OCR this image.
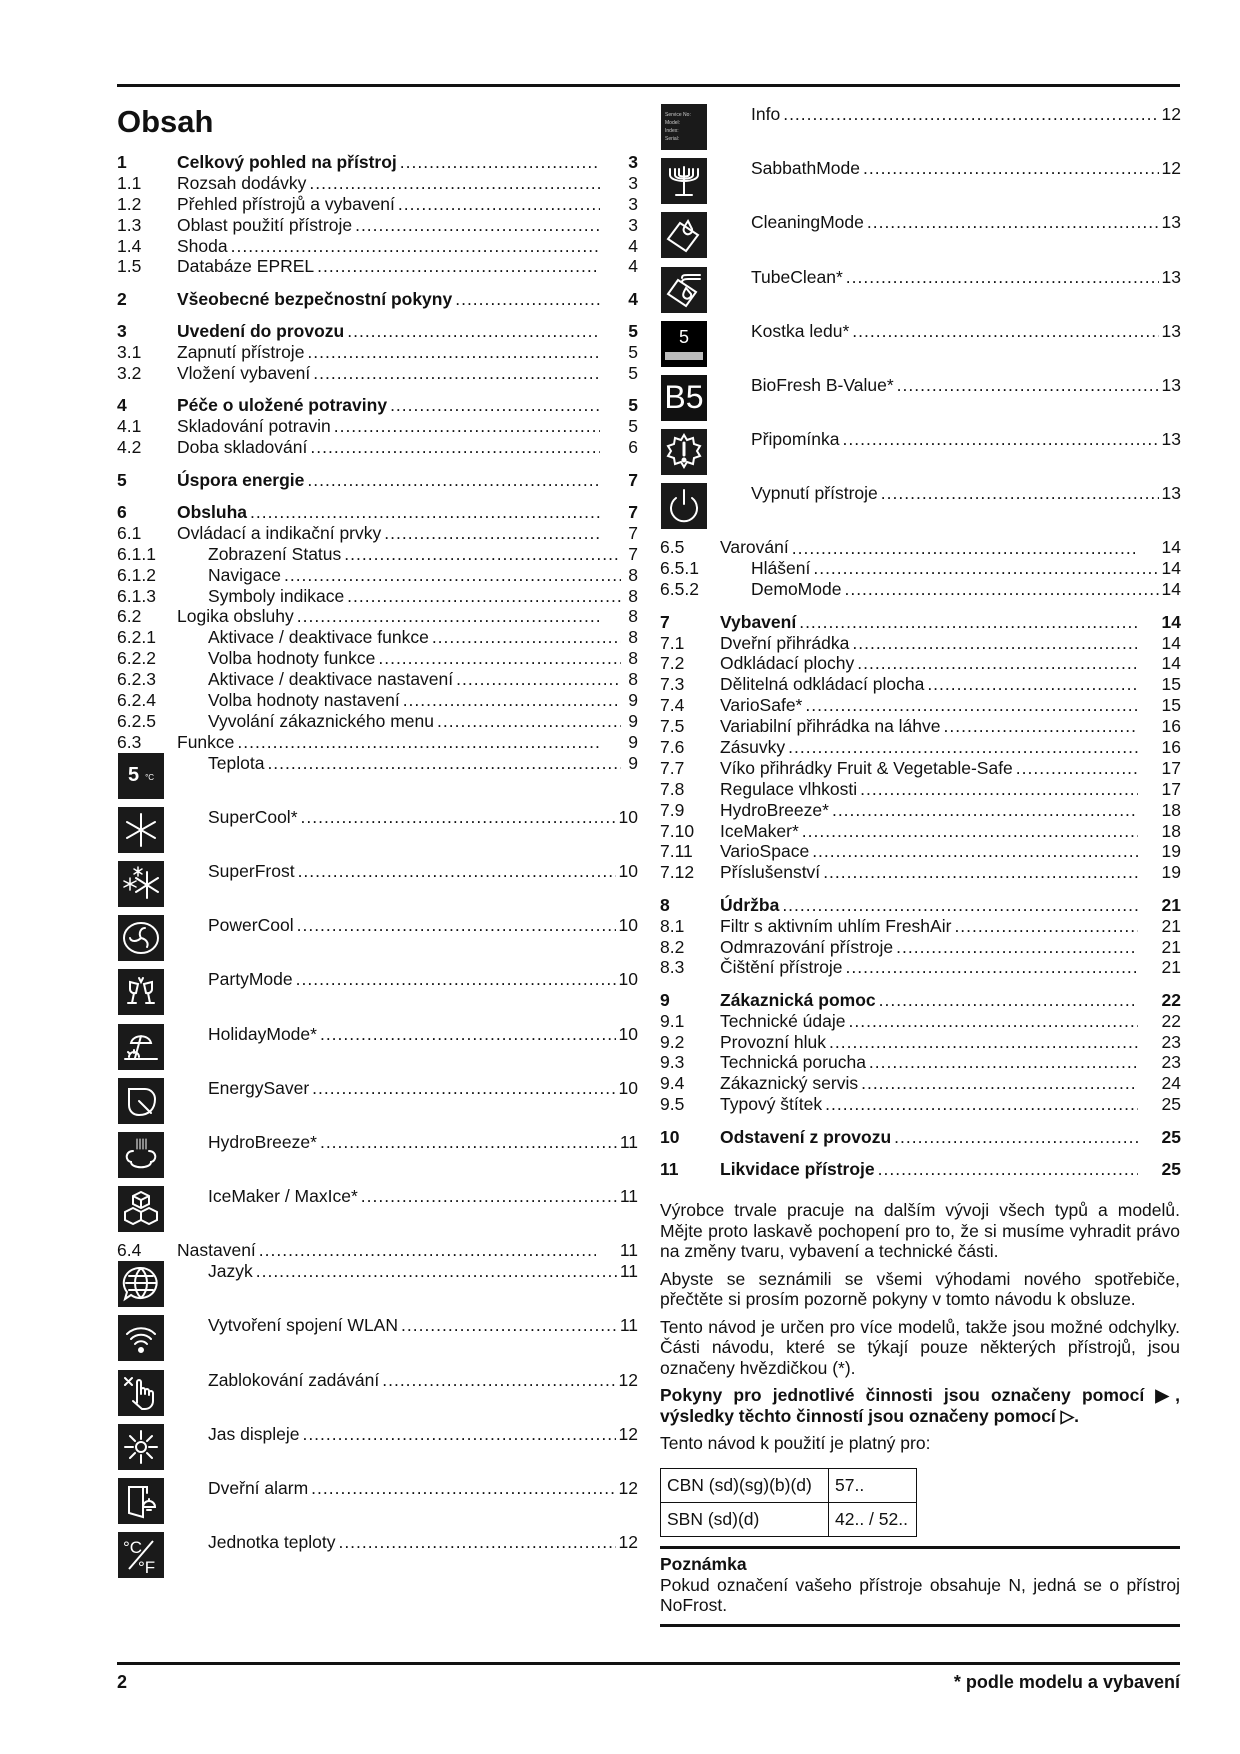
Obsah
1	Celkový pohled na přístroj .....	3
1.1	Rozsah dodávky .....	3
1.2	Přehled přístrojů a vybavení .....	3
1.3	Oblast použití přístroje .....	3
1.4	Shoda .....	4
1.5	Databáze EPREL .....	4
2	Všeobecné bezpečnostní pokyny .....	4
3	Uvedení do provozu .....	5
3.1	Zapnutí přístroje .....	5
3.2	Vložení vybavení .....	5
4	Péče o uložené potraviny .....	5
4.1	Skladování potravin .....	5
4.2	Doba skladování .....	6
5	Úspora energie .....	7
6	Obsluha .....	7
6.1	Ovládací a indikační prvky .....	7
6.1.1	Zobrazení Status .....	7
6.1.2	Navigace .....	8
6.1.3	Symboly indikace .....	8
6.2	Logika obsluhy .....	8
6.2.1	Aktivace / deaktivace funkce .....	8
6.2.2	Volba hodnoty funkce .....	8
6.2.3	Aktivace / deaktivace nastavení .....	8
6.2.4	Volba hodnoty nastavení .....	9
6.2.5	Vyvolání zákaznického menu .....	9
6.3	Funkce .....	9
5 °C
Teplota .....	9
SuperCool* .....	10
SuperFrost .....	10
PowerCool .....	10
PartyMode .....	10
HolidayMode* .....	10
EnergySaver .....	10
HydroBreeze* .....	11
IceMaker / MaxIce* .....	11
6.4	Nastavení .....	11
Jazyk .....	11
Vytvoření spojení WLAN .....	11
Zablokování zadávání .....	12
Jas displeje .....	12
Dveřní alarm .....	12
°C
°F
Jednotka teploty .....	12
Service No:
Model:
Index:
Serial:
Info .....	12
SabbathMode .....	12
CleaningMode .....	13
TubeClean* .....	13
5	Kostka ledu* .....	13
B5	BioFresh B-Value* .....	13
Připomínka .....	13
Vypnutí přístroje .....	13
6.5	Varování .....	14
6.5.1	Hlášení .....	14
6.5.2	DemoMode .....	14
7	Vybavení .....	14
7.1	Dveřní přihrádka .....	14
7.2	Odkládací plochy .....	14
7.3	Dělitelná odkládací plocha .....	15
7.4	VarioSafe* .....	15
7.5	Variabilní přihrádka na láhve .....	16
7.6	Zásuvky .....	16
7.7	Víko přihrádky Fruit & Vegetable-Safe .....	17
7.8	Regulace vlhkosti .....	17
7.9	HydroBreeze* .....	18
7.10	IceMaker* .....	18
7.11	VarioSpace .....	19
7.12	Příslušenství .....	19
8	Údržba .....	21
8.1	Filtr s aktivním uhlím FreshAir .....	21
8.2	Odmrazování přístroje .....	21
8.3	Čištění přístroje .....	21
9	Zákaznická pomoc .....	22
9.1	Technické údaje .....	22
9.2	Provozní hluk .....	23
9.3	Technická porucha .....	23
9.4	Zákaznický servis .....	24
9.5	Typový štítek .....	25
10	Odstavení z provozu .....	25
11	Likvidace přístroje .....	25

Výrobce trvale pracuje na dalším vývoji všech typů a modelů. Mějte proto laskavě pochopení pro to, že si musíme vyhradit právo na změny tvaru, vybavení a technické části.

Abyste se seznámili se všemi výhodami nového spotřebiče, přečtěte si prosím pozorně pokyny v tomto návodu k obsluze.

Tento návod je určen pro více modelů, takže jsou možné odchylky. Části návodu, které se týkají pouze některých přístrojů, jsou označeny hvězdičkou (*).

Pokyny pro jednotlivé činnosti jsou označeny pomocí ▶, výsledky těchto činností jsou označeny pomocí ▷.

Tento návod k použití je platný pro:

CBN (sd)(sg)(b)(d)	57..
SBN (sd)(d)	42.. / 52..
Poznámka

Pokud označení vašeho přístroje obsahuje N, jedná se o přístroj NoFrost.

2	* podle modelu a vybavení
